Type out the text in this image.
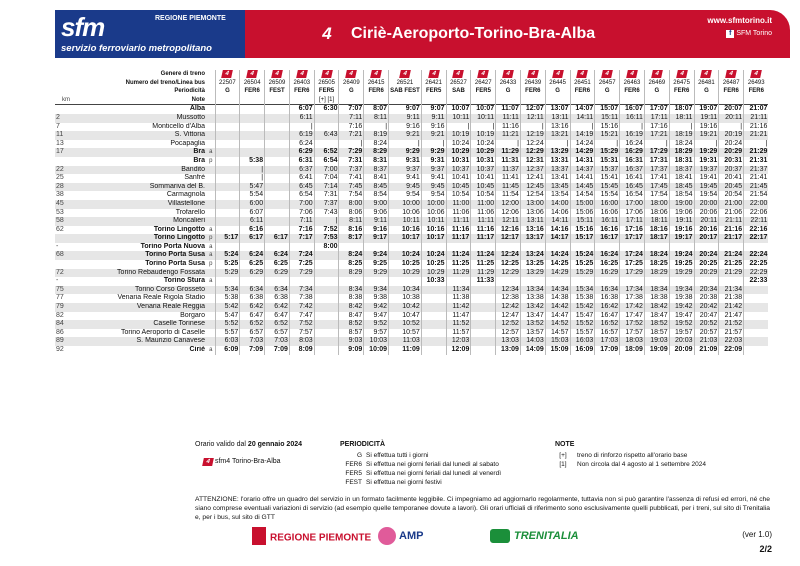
sfm	REGIONE PIEMONTE
servizio ferroviario metropolitano
4	Ciriè-Aeroporto-Torino-Bra-Alba
www.sfmtorino.it
f SFM Torino
	Genere di treno		4	4	4	4	4	4	4	4	4	4	4	4	4	4	4	4	4	4	4	4	4	4
	Numero del treno/Linea bus		22507	26504	26509	26403	26505	26409	26415	26521	26421	26527	26427	26433	26439	26445	26451	26457	26463	26469	26475	26481	26487	26493
	Periodicità		G	FER6	FEST	FER6	FER5	G	FER6	SAB FEST	FER5	SAB	FER5	G	FER6	G	FER6	G	FER6	G	FER6	G	FER6	FER6
km	Note						[+] [1]																	
	Alba					6:07	6:30	7:07	8:07	9:07	9:07	10:07	10:07	11:07	12:07	13:07	14:07	15:07	16:07	17:07	18:07	19:07	20:07	21:07
2	Mussotto					6:11		7:11	8:11	9:11	9:11	10:11	10:11	11:11	12:11	13:11	14:11	15:11	16:11	17:11	18:11	19:11	20:11	21:11
7	Monticello d'Alba					|		7:16	|	9:16	9:16	|	|	11:16	|	13:16	|	15:16	|	17:16	|	19:16	|	21:16
11	S. Vittoria					6:19	6:43	7:21	8:19	9:21	9:21	10:19	10:19	11:21	12:19	13:21	14:19	15:21	16:19	17:21	18:19	19:21	20:19	21:21
13	Pocapaglia					6:24		|	8:24	|	|	10:24	10:24	|	12:24	|	14:24	|	16:24	|	18:24	|	20:24	|
17	Bra	a				6:29	6:52	7:29	8:29	9:29	9:29	10:29	10:29	11:29	12:29	13:29	14:29	15:29	16:29	17:29	18:29	19:29	20:29	21:29
	Bra	p		5:38		6:31	6:54	7:31	8:31	9:31	9:31	10:31	10:31	11:31	12:31	13:31	14:31	15:31	16:31	17:31	18:31	19:31	20:31	21:31
22	Bandito			|		6:37	7:00	7:37	8:37	9:37	9:37	10:37	10:37	11:37	12:37	13:37	14:37	15:37	16:37	17:37	18:37	19:37	20:37	21:37
25	Sanfrè			|		6:41	7:04	7:41	8:41	9:41	9:41	10:41	10:41	11:41	12:41	13:41	14:41	15:41	16:41	17:41	18:41	19:41	20:41	21:41
28	Sommariva del B.			5:47		6:45	7:14	7:45	8:45	9:45	9:45	10:45	10:45	11:45	12:45	13:45	14:45	15:45	16:45	17:45	18:45	19:45	20:45	21:45
38	Carmagnola			5:54		6:54	7:31	7:54	8:54	9:54	9:54	10:54	10:54	11:54	12:54	13:54	14:54	15:54	16:54	17:54	18:54	19:54	20:54	21:54
45	Villastellone			6:00		7:00	7:37	8:00	9:00	10:00	10:00	11:00	11:00	12:00	13:00	14:00	15:00	16:00	17:00	18:00	19:00	20:00	21:00	22:00
53	Trofarello			6:07		7:06	7:43	8:06	9:06	10:06	10:06	11:06	11:06	12:06	13:06	14:06	15:06	16:06	17:06	18:06	19:06	20:06	21:06	22:06
58	Moncalieri			6:11		7:11	|	8:11	9:11	10:11	10:11	11:11	11:11	12:11	13:11	14:11	15:11	16:11	17:11	18:11	19:11	20:11	21:11	22:11
62	Torino Lingotto	a		6:16		7:16	7:52	8:16	9:16	10:16	10:16	11:16	11:16	12:16	13:16	14:16	15:16	16:16	17:16	18:16	19:16	20:16	21:16	22:16
	Torino Lingotto	p	5:17	6:17	6:17	7:17	7:53	8:17	9:17	10:17	10:17	11:17	11:17	12:17	13:17	14:17	15:17	16:17	17:17	18:17	19:17	20:17	21:17	22:17
-	Torino Porta Nuova	a					8:00																	
68	Torino Porta Susa	a	5:24	6:24	6:24	7:24		8:24	9:24	10:24	10:24	11:24	11:24	12:24	13:24	14:24	15:24	16:24	17:24	18:24	19:24	20:24	21:24	22:24
	Torino Porta Susa	p	5:25	6:25	6:25	7:25		8:25	9:25	10:25	10:25	11:25	11:25	12:25	13:25	14:25	15:25	16:25	17:25	18:25	19:25	20:25	21:25	22:25
72	Torino Rebaudengo Fossata		5:29	6:29	6:29	7:29		8:29	9:29	10:29	10:29	11:29	11:29	12:29	13:29	14:29	15:29	16:29	17:29	18:29	19:29	20:29	21:29	22:29
-	Torino Stura	a									10:33		11:33											22:33
75	Torino Corso Grosseto		5:34	6:34	6:34	7:34		8:34	9:34	10:34		11:34		12:34	13:34	14:34	15:34	16:34	17:34	18:34	19:34	20:34	21:34	
77	Venaria Reale Rigola Stadio		5:38	6:38	6:38	7:38		8:38	9:38	10:38		11:38		12:38	13:38	14:38	15:38	16:38	17:38	18:38	19:38	20:38	21:38	
79	Venaria Reale Reggia		5:42	6:42	6:42	7:42		8:42	9:42	10:42		11:42		12:42	13:42	14:42	15:42	16:42	17:42	18:42	19:42	20:42	21:42	
82	Borgaro		5:47	6:47	6:47	7:47		8:47	9:47	10:47		11:47		12:47	13:47	14:47	15:47	16:47	17:47	18:47	19:47	20:47	21:47	
84	Caselle Torinese		5:52	6:52	6:52	7:52		8:52	9:52	10:52		11:52		12:52	13:52	14:52	15:52	16:52	17:52	18:52	19:52	20:52	21:52	
86	Torino Aeroporto di Caselle		5:57	6:57	6:57	7:57		8:57	9:57	10:57		11:57		12:57	13:57	14:57	15:57	16:57	17:57	18:57	19:57	20:57	21:57	
89	S. Maurizio Canavese		6:03	7:03	7:03	8:03		9:03	10:03	11:03		12:03		13:03	14:03	15:03	16:03	17:03	18:03	19:03	20:03	21:03	22:03	
92	Ciriè	a	6:09	7:09	7:09	8:09		9:09	10:09	11:09		12:09		13:09	14:09	15:09	16:09	17:09	18:09	19:09	20:09	21:09	22:09	
Orario valido dal 20 gennaio 2024
4 sfm4 Torino-Bra-Alba
PERIODICITÀ
G Si effettua tutti i giorni
FER6 Si effettua nei giorni feriali dal lunedì al sabato
FER5 Si effettua nei giorni feriali dal lunedì al venerdì
FEST Si effettua nei giorni festivi
NOTE
[+] treno di rinforzo rispetto all'orario base
[1] Non circola dal 4 agosto al 1 settembre 2024
ATTENZIONE: l'orario offre un quadro del servizio in un formato facilmente leggibile. Ci impegniamo ad aggiornarlo regolarmente, tuttavia non si può garantire l'assenza di refusi ed errori, né che siano comprese eventuali variazioni di servizio (ad esempio quelle temporanee dovute a lavori). Gli orari ufficiali di riferimento sono esclusivamente quelli pubblicati, per i treni, sul sito di Trenitalia e, per i bus, sul sito di GTT
REGIONE PIEMONTE	AMP	TRENITALIA	(ver 1.0)
2/2
